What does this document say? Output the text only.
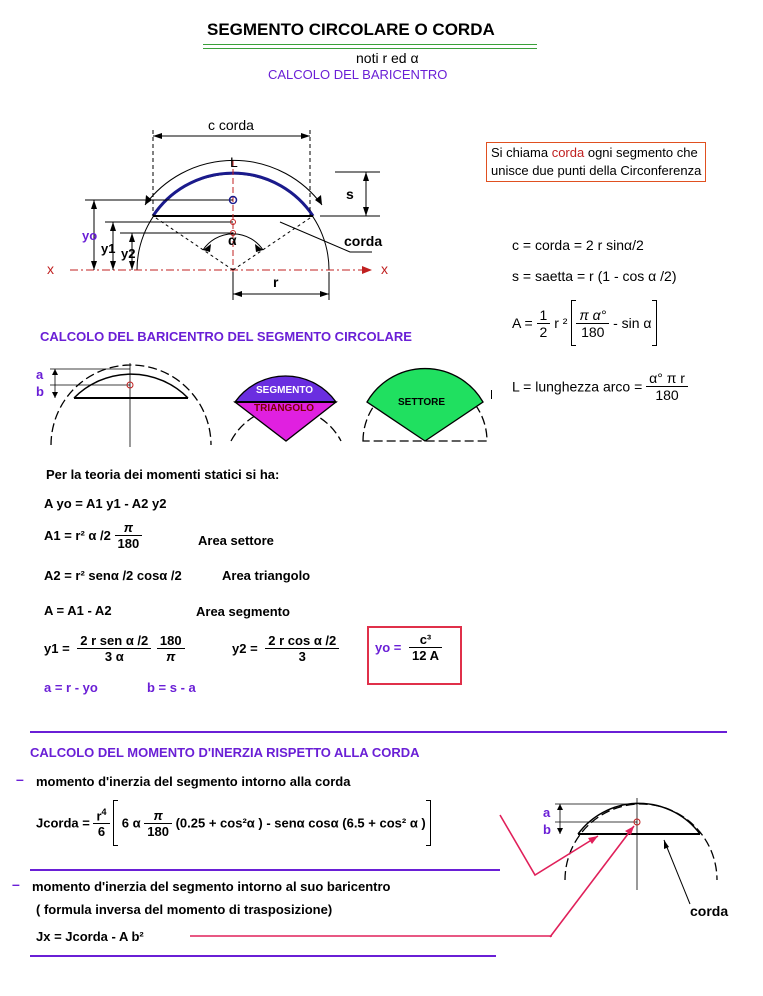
SEGMENTO CIRCOLARE O CORDA
noti r ed α
CALCOLO DEL BARICENTRO
Si chiama corda ogni segmento che
unisce due punti della Circonferenza
c corda
L
s
yo
y1 y2
α	corda
x	x
r
c = corda = 2 r sinα/2
s = saetta = r (1 - cos α /2)
$A = \frac{1}{2}$ r $^2 \frac{\text{π α°}}{180}$ - sin α
L = lunghezza arco = $\frac{\text{α° π r}}{180}$
CALCOLO DEL BARICENTRO DEL SEGMENTO CIRCOLARE
a
b	SEGMENTO
TRIANGOLO
SETTORE
Per la teoria dei momenti statici si ha:
A yo = A1 y1 - A2 y2
A1 = r² α $/2 \frac{\pi}{180}$	Area settore
A2 = r² senα /2 cosα /2	Area triangolo
A = A1 - A2	Area segmento
$y1 = \frac{\text{2 r sen α /2}}{3 \alpha}$
$\frac{180}{\pi}$	$y2 = \frac{\text{2 r cos α /2}}{3}$	yo = $\frac{\text{c³}}{12 A}$
a = r - yo	b = s - a
CALCOLO DEL MOMENTO D'INERZIA RISPETTO ALLA CORDA
– momento d'inerzia del segmento intorno alla corda
Jcorda = $\frac{r^4}{6} 6$ α $\frac{\pi}{180} (0.25 + \cos^2\alpha$ ) - senα cosα (6.5 + cos² α )
– momento d'inerzia del segmento intorno al suo baricentro
( formula inversa del momento di trasposizione)
Jx = Jcorda - A b²
a
b
corda
